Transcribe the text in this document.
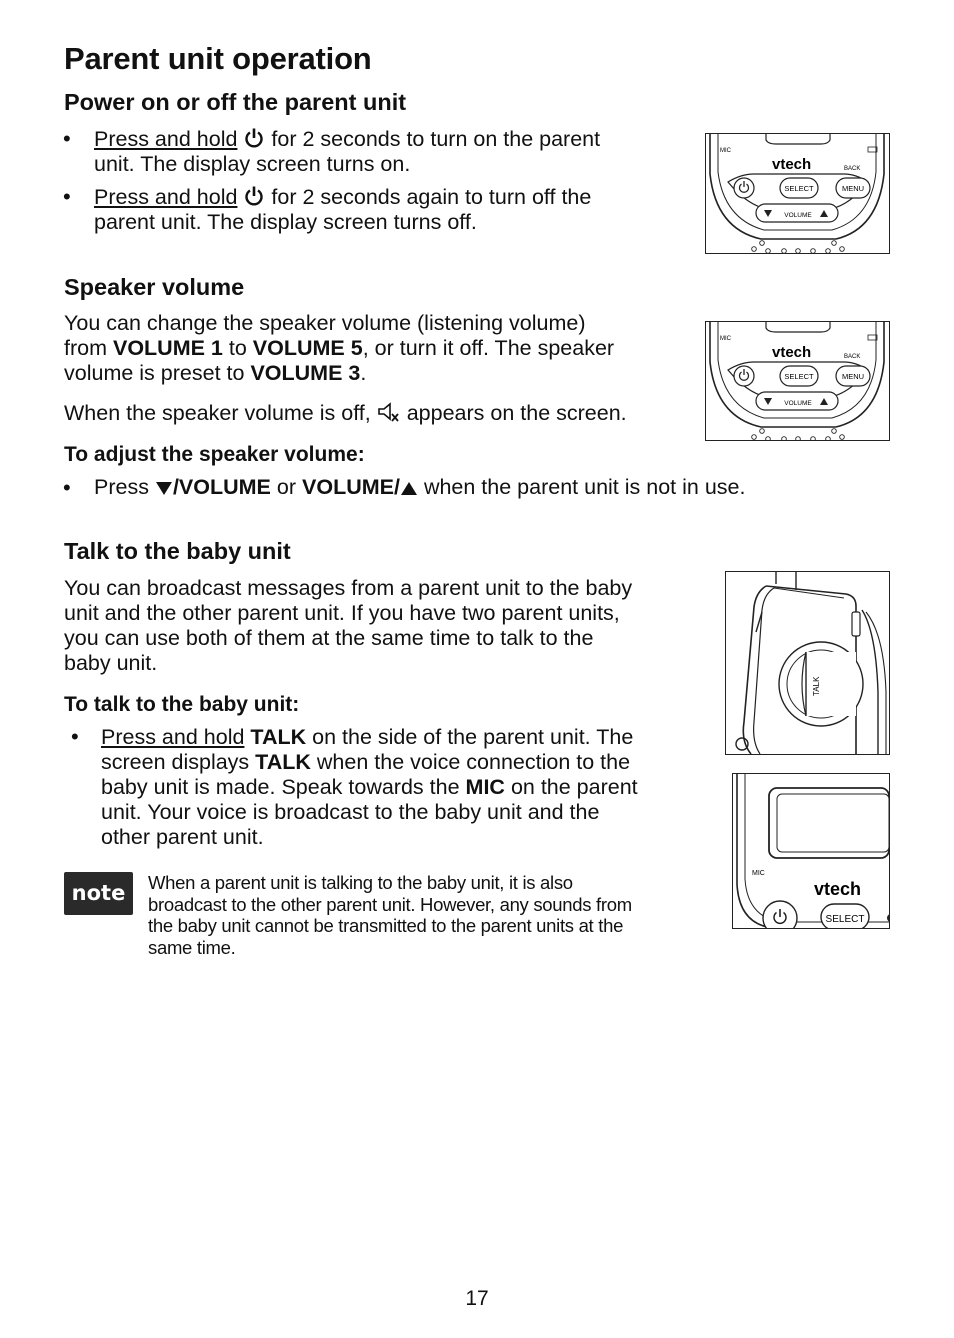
Parent unit operation
Power on or off the parent unit
• Press and hold for 2 seconds to turn on the parent
unit. The display screen turns on.
• Press and hold for 2 seconds again to turn off the
parent unit. The display screen turns off.
MIC
vtech	BACK
SELECT	MENU
VOLUME
Speaker volume
You can change the speaker volume (listening volume)
from VOLUME 1 to VOLUME 5, or turn it off. The speaker
volume is preset to VOLUME 3.
When the speaker volume is off, appears on the screen.
MIC
vtech	BACK
SELECT	MENU
VOLUME
To adjust the speaker volume:
• Press /VOLUME or VOLUME/ when the parent unit is not in use.
Talk to the baby unit
You can broadcast messages from a parent unit to the baby
unit and the other parent unit. If you have two parent units,
you can use both of them at the same time to talk to the
baby unit.
To talk to the baby unit:
• Press and hold TALK on the side of the parent unit. The
screen displays TALK when the voice connection to the
baby unit is made. Speak towards the MIC on the parent
unit. Your voice is broadcast to the baby unit and the
other parent unit.
TALK
MIC
vtech
SELECT
note	When a parent unit is talking to the baby unit, it is also
broadcast to the other parent unit. However, any sounds from
the baby unit cannot be transmitted to the parent units at the
same time.
17
